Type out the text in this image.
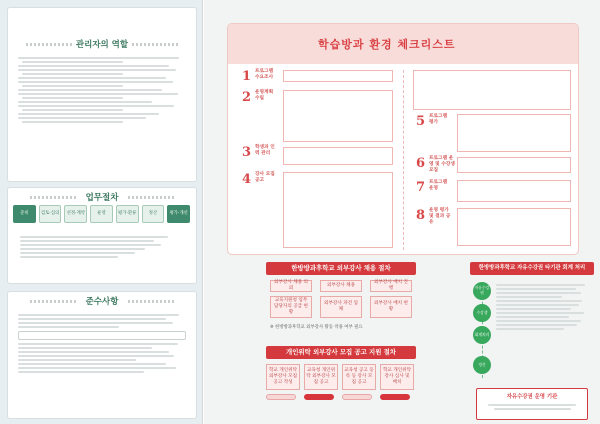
관리자의 역할
업무절차
준비	검토·심의	선정·계약	운영	평가·환류	정산	평가·개선
준수사항
학습방과 환경 체크리스트
1 프로그램 수요조사
2 운영계획 수립
3 학생과 인력 관리
4 강사 모집공고
5 프로그램 평가
6 프로그램 운영 및 수강생 모집
7 프로그램 운영
8 운영 평가 및 결과 공유
한방방과후학교 외부강사 채용 절차
외부강사 채용 의뢰
외부강사 채용
외부강사 배치 진행
교육지원청 업무 담당자의 공급 현황
외부강사 파견 업체
외부강사 배치 현황
※ 한방방과후학교 외부강사 활동 착용 여부 필요
개인위탁 외부강사 모집 공고 지원 절차
학교 개인위탁 외부강사 모집 공고 작성
교육청 개인위탁 외부강사 모집 공고
교육청 공고 등록 등 강사 모집 공고
학교 개인위탁 강사 심사 및 배치
한방방과후학교 자유수강권 타기관 회계 처리
자유수강권
수강생
회계처리
정산
자유수강권 운영 기관
